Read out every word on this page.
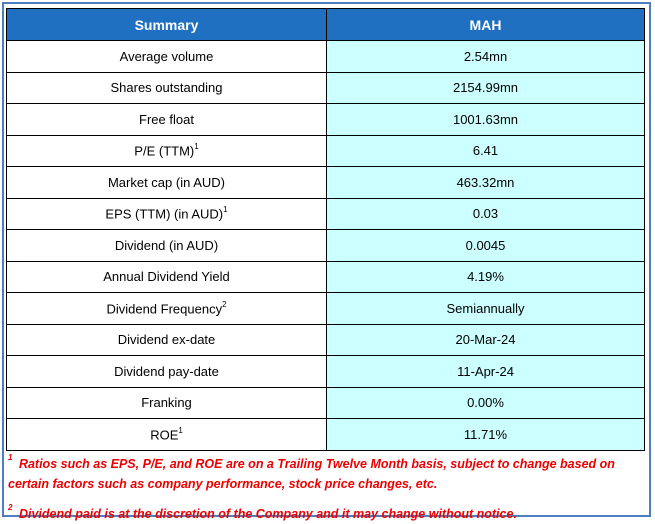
Summary	MAH
Average volume	2.54mn
Shares outstanding	2154.99mn
Free float	1001.63mn
P/E (TTM)$^1$	6.41
Market cap (in AUD)	463.32mn
EPS (TTM) (in AUD)$^1$	0.03
Dividend (in AUD)	0.0045
Annual Dividend Yield	4.19%
Dividend Frequency$^2$	Semiannually
Dividend ex-date	20-Mar-24
Dividend pay-date	11-Apr-24
Franking	0.00%
ROE$^1$	11.71%

$^1$ Ratios such as EPS, P/E, and ROE are on a Trailing Twelve Month basis, subject to change based on

certain factors such as company performance, stock price changes, etc.

$^2$ Dividend paid is at the discretion of the Company and it may change without notice.
